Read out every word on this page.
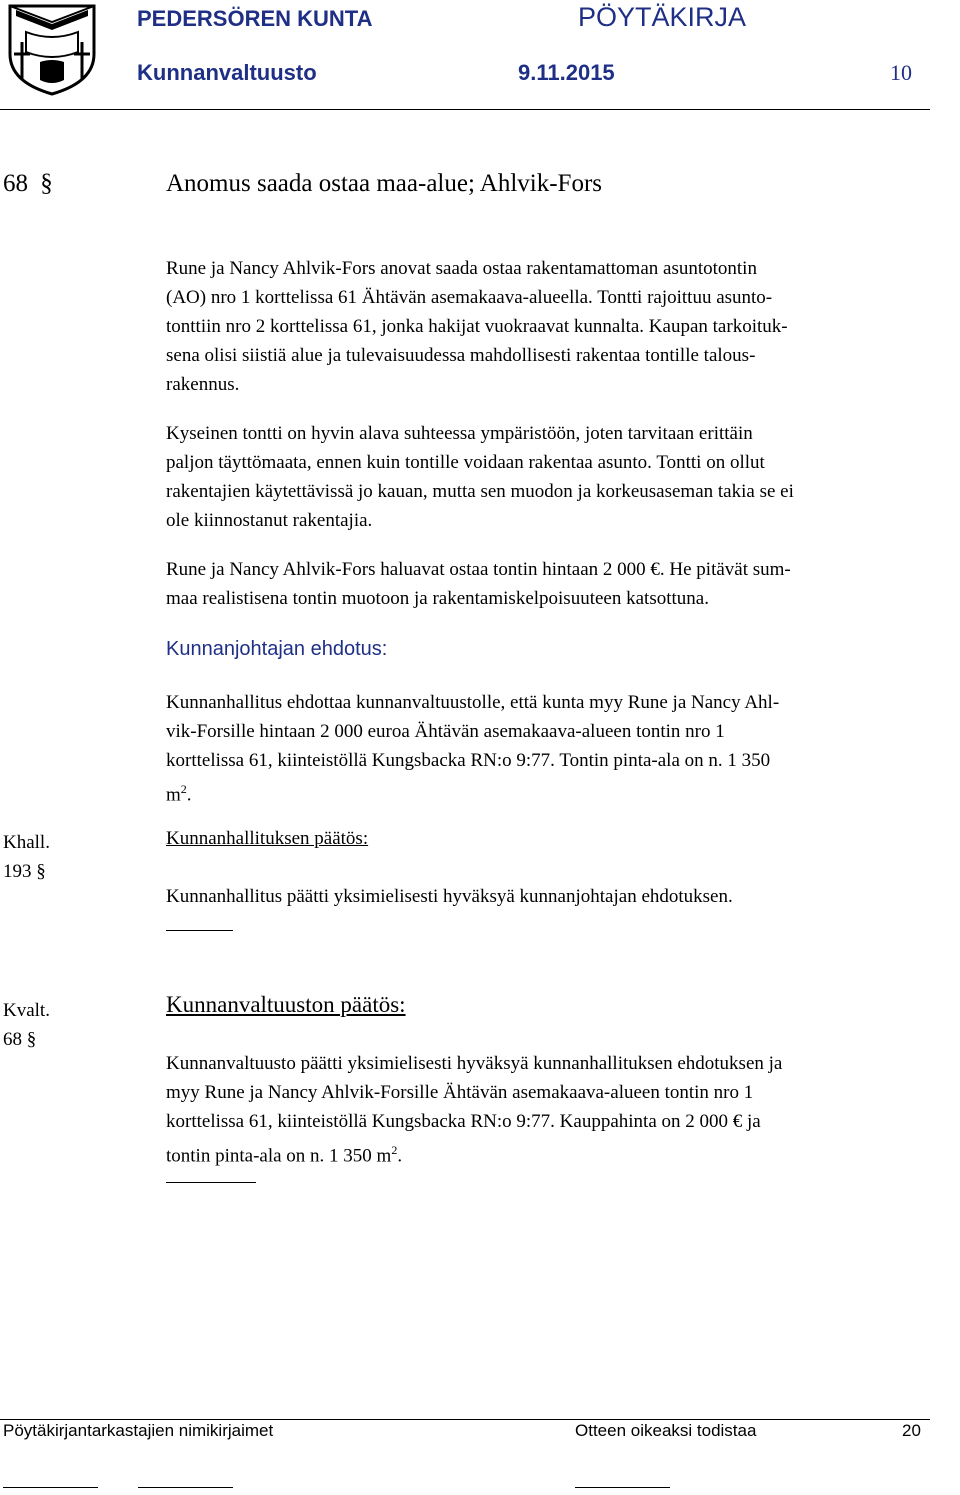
PEDERSÖREN KUNTA	PÖYTÄKIRJA
Kunnanvaltuusto	9.11.2015	10
68 §	Anomus saada ostaa maa-alue; Ahlvik-Fors
Rune ja Nancy Ahlvik-Fors anovat saada ostaa rakentamattoman asuntotontin
(AO) nro 1 korttelissa 61 Ähtävän asemakaava-alueella. Tontti rajoittuu asunto-
tonttiin nro 2 korttelissa 61, jonka hakijat vuokraavat kunnalta. Kaupan tarkoituk-
sena olisi siistiä alue ja tulevaisuudessa mahdollisesti rakentaa tontille talous-
rakennus.
Kyseinen tontti on hyvin alava suhteessa ympäristöön, joten tarvitaan erittäin
paljon täyttömaata, ennen kuin tontille voidaan rakentaa asunto. Tontti on ollut
rakentajien käytettävissä jo kauan, mutta sen muodon ja korkeusaseman takia se ei
ole kiinnostanut rakentajia.
Rune ja Nancy Ahlvik-Fors haluavat ostaa tontin hintaan 2 000 €. He pitävät sum-
maa realistisena tontin muotoon ja rakentamiskelpoisuuteen katsottuna.
Kunnanjohtajan ehdotus:
Kunnanhallitus ehdottaa kunnanvaltuustolle, että kunta myy Rune ja Nancy Ahl-
vik-Forsille hintaan 2 000 euroa Ähtävän asemakaava-alueen tontin nro 1
korttelissa 61, kiinteistöllä Kungsbacka RN:o 9:77. Tontin pinta-ala on n. 1 350
$m^2$.
Khall.
193 §
Kunnanhallituksen päätös:
Kunnanhallitus päätti yksimielisesti hyväksyä kunnanjohtajan ehdotuksen.
Kvalt.
68 §
Kunnanvaltuuston päätös:
Kunnanvaltuusto päätti yksimielisesti hyväksyä kunnanhallituksen ehdotuksen ja
myy Rune ja Nancy Ahlvik-Forsille Ähtävän asemakaava-alueen tontin nro 1
korttelissa 61, kiinteistöllä Kungsbacka RN:o 9:77. Kauppahinta on 2 000 € ja
tontin pinta-ala on n. 1 350 $m^2$.
Pöytäkirjantarkastajien nimikirjaimet	Otteen oikeaksi todistaa	20
